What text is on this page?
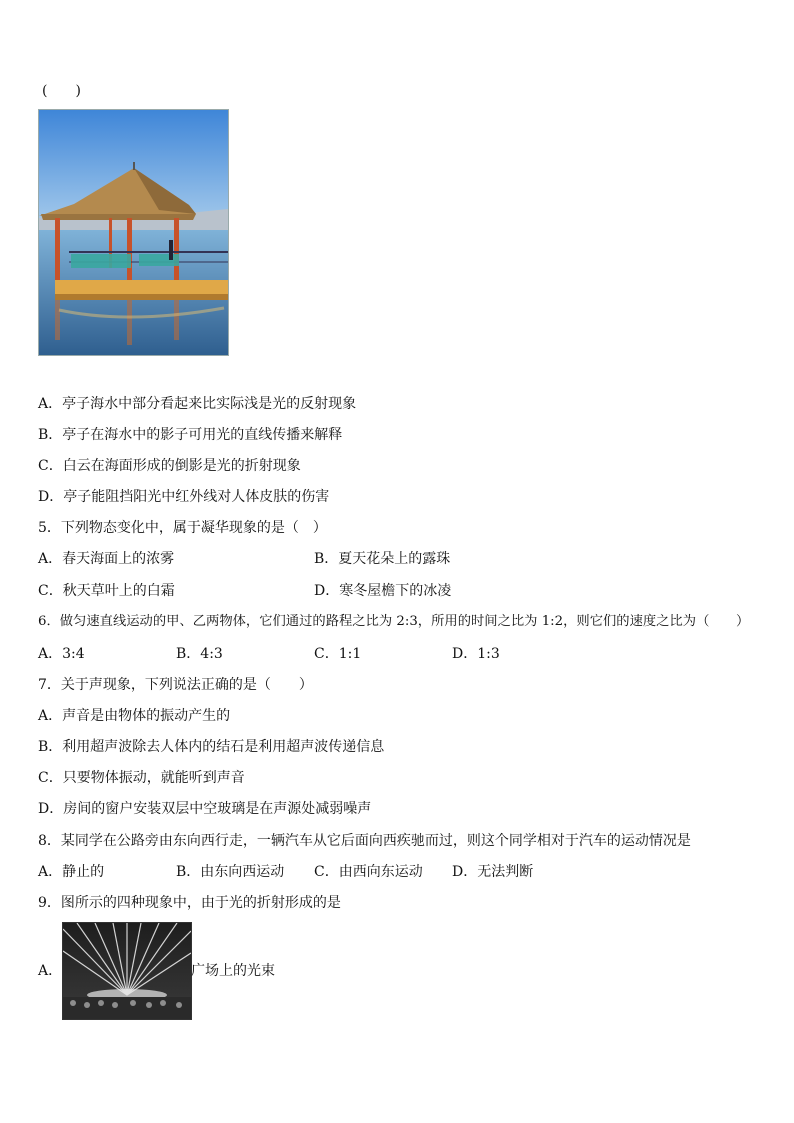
(　　)
A．亭子海水中部分看起来比实际浅是光的反射现象
B．亭子在海水中的影子可用光的直线传播来解释
C．白云在海面形成的倒影是光的折射现象
D．亭子能阻挡阳光中红外线对人体皮肤的伤害
5．下列物态变化中，属于凝华现象的是（　）
A．春天海面上的浓雾	B．夏天花朵上的露珠
C．秋天草叶上的白霜	D．寒冬屋檐下的冰凌
6．做匀速直线运动的甲、乙两物体，它们通过的路程之比为 2:3，所用的时间之比为 1:2，则它们的速度之比为（　　）
A．3:4	B．4:3	C．1:1	D．1:3
7．关于声现象，下列说法正确的是（　　）
A．声音是由物体的振动产生的
B．利用超声波除去人体内的结石是利用超声波传递信息
C．只要物体振动，就能听到声音
D．房间的窗户安装双层中空玻璃是在声源处减弱噪声
8．某同学在公路旁由东向西行走，一辆汽车从它后面向西疾驰而过，则这个同学相对于汽车的运动情况是
A．静止的	B．由东向西运动 C．由西向东运动 D．无法判断
9．图所示的四种现象中，由于光的折射形成的是
A．	广场上的光束
